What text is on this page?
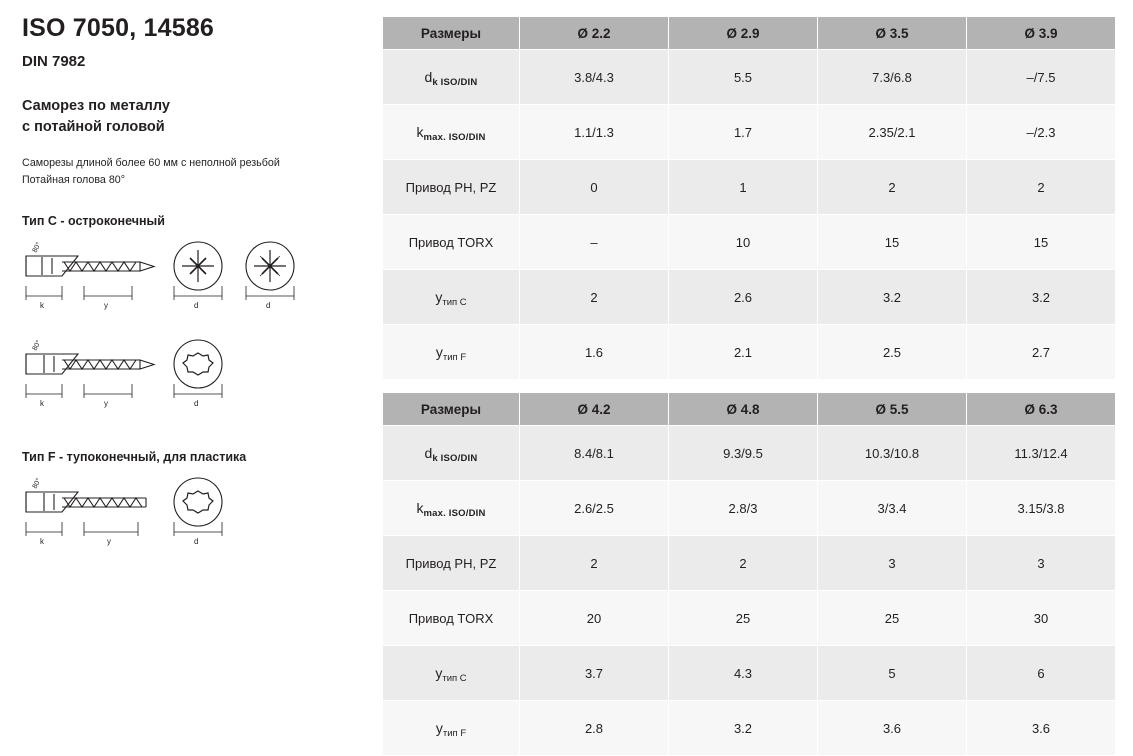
ISO 7050, 14586
DIN 7982
Саморез по металлу
с потайной головой
Саморезы длиной более 60 мм с неполной резьбой
Потайная голова 80°
Тип C - остроконечный
80°
k	y	d	d
80°
k	y	d
Тип F - тупоконечный, для пластика
80°
k	y	d
Размеры	Ø 2.2	Ø 2.9	Ø 3.5	Ø 3.9
$d_{k ISO/DIN}$	3.8/4.3	5.5	7.3/6.8	–/7.5
$k_{max. ISO/DIN}$	1.1/1.3	1.7	2.35/2.1	–/2.3
Привод PH, PZ	0	1	2	2
Привод TORX	–	10	15	15
$y_{тип C}$	2	2.6	3.2	3.2
$y_{тип F}$	1.6	2.1	2.5	2.7
Размеры	Ø 4.2	Ø 4.8	Ø 5.5	Ø 6.3
$d_{k ISO/DIN}$	8.4/8.1	9.3/9.5	10.3/10.8	11.3/12.4
$k_{max. ISO/DIN}$	2.6/2.5	2.8/3	3/3.4	3.15/3.8
Привод PH, PZ	2	2	3	3
Привод TORX	20	25	25	30
$y_{тип C}$	3.7	4.3	5	6
$y_{тип F}$	2.8	3.2	3.6	3.6
